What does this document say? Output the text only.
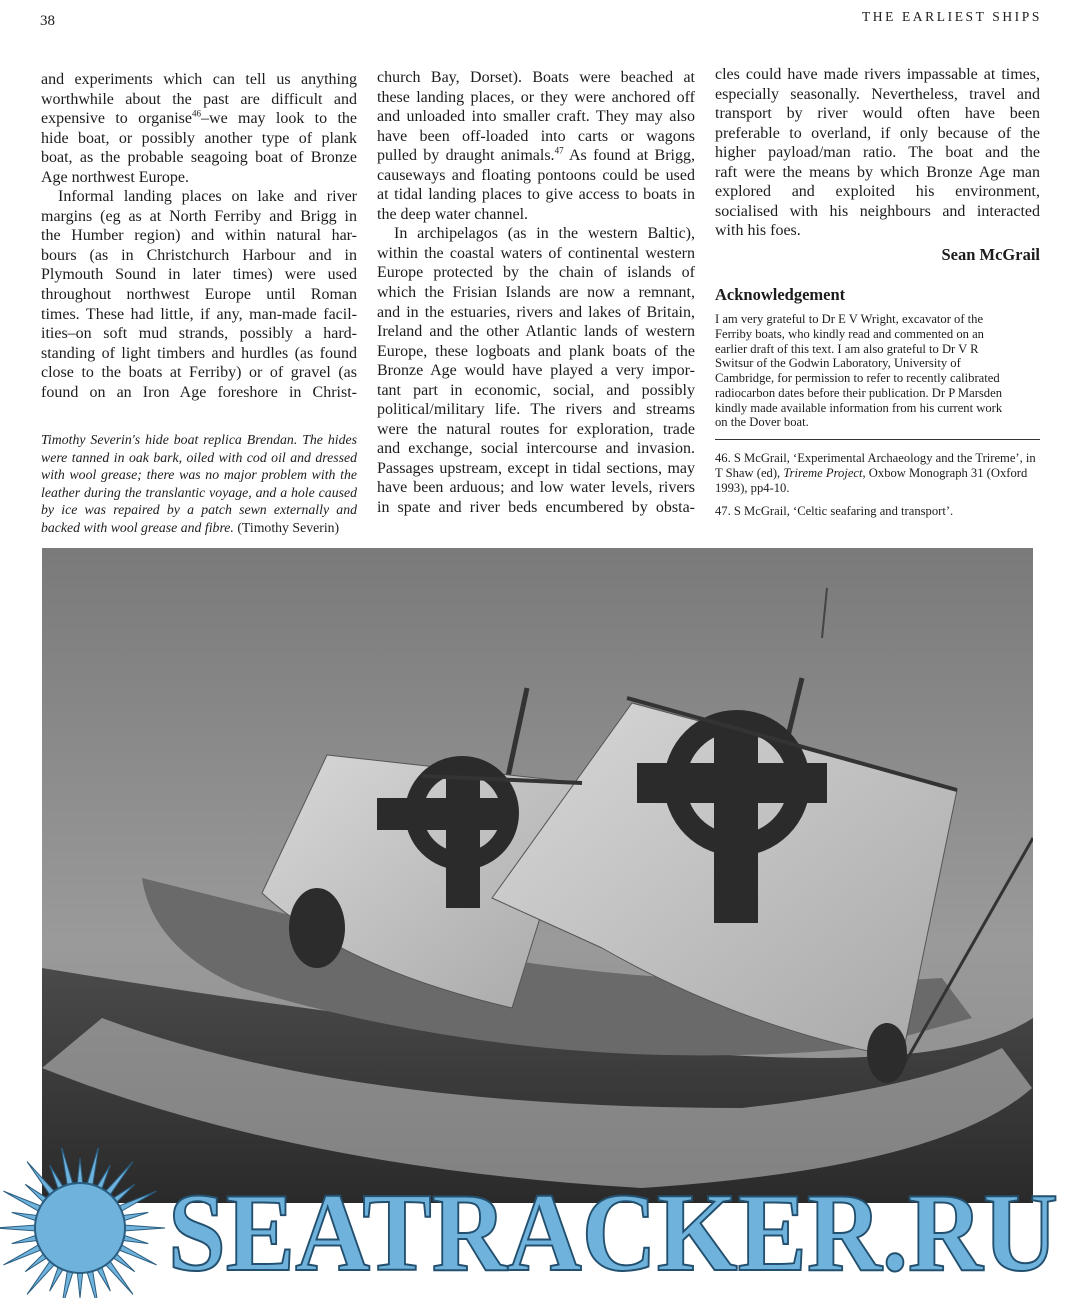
38	THE EARLIEST SHIPS
and experiments which can tell us anything
worthwhile about the past are difficult and
expensive to organise$^{46}$–we may look to the
hide boat, or possibly another type of plank
boat, as the probable seagoing boat of Bronze
Age northwest Europe.
Informal landing places on lake and river
margins (eg as at North Ferriby and Brigg in
the Humber region) and within natural har-
bours (as in Christchurch Harbour and in
Plymouth Sound in later times) were used
throughout northwest Europe until Roman
times. These had little, if any, man-made facil-
ities–on soft mud strands, possibly a hard-
standing of light timbers and hurdles (as found
close to the boats at Ferriby) or of gravel (as
found on an Iron Age foreshore in Christ-
church Bay, Dorset). Boats were beached at
these landing places, or they were anchored off
and unloaded into smaller craft. They may also
have been off-loaded into carts or wagons
pulled by draught animals.$^{47}$ As found at Brigg,
causeways and floating pontoons could be used
at tidal landing places to give access to boats in
the deep water channel.
In archipelagos (as in the western Baltic),
within the coastal waters of continental western
Europe protected by the chain of islands of
which the Frisian Islands are now a remnant,
and in the estuaries, rivers and lakes of Britain,
Ireland and the other Atlantic lands of western
Europe, these logboats and plank boats of the
Bronze Age would have played a very impor-
tant part in economic, social, and possibly
political/military life. The rivers and streams
were the natural routes for exploration, trade
and exchange, social intercourse and invasion.
Passages upstream, except in tidal sections, may
have been arduous; and low water levels, rivers
in spate and river beds encumbered by obsta-
cles could have made rivers impassable at times,
especially seasonally. Nevertheless, travel and
transport by river would often have been
preferable to overland, if only because of the
higher payload/man ratio. The boat and the
raft were the means by which Bronze Age man
explored and exploited his environment,
socialised with his neighbours and interacted
with his foes.
Sean McGrail
Acknowledgement
I am very grateful to Dr E V Wright, excavator of the
Ferriby boats, who kindly read and commented on an
earlier draft of this text. I am also grateful to Dr V R
Switsur of the Godwin Laboratory, University of
Cambridge, for permission to refer to recently calibrated
radiocarbon dates before their publication. Dr P Marsden
kindly made available information from his current work
on the Dover boat.
46. S McGrail, ‘Experimental Archaeology and the Trireme’, in T Shaw (ed), Trireme Project, Oxbow Monograph 31 (Oxford 1993), pp4-10.
47. S McGrail, ‘Celtic seafaring and transport’.
Timothy Severin's hide boat replica Brendan. The hides were tanned in oak bark, oiled with cod oil and dressed with wool grease; there was no major problem with the leather during the translantic voyage, and a hole caused by ice was repaired by a patch sewn externally and backed with wool grease and fibre. (Timothy Severin)
SEATRACKER.RU
